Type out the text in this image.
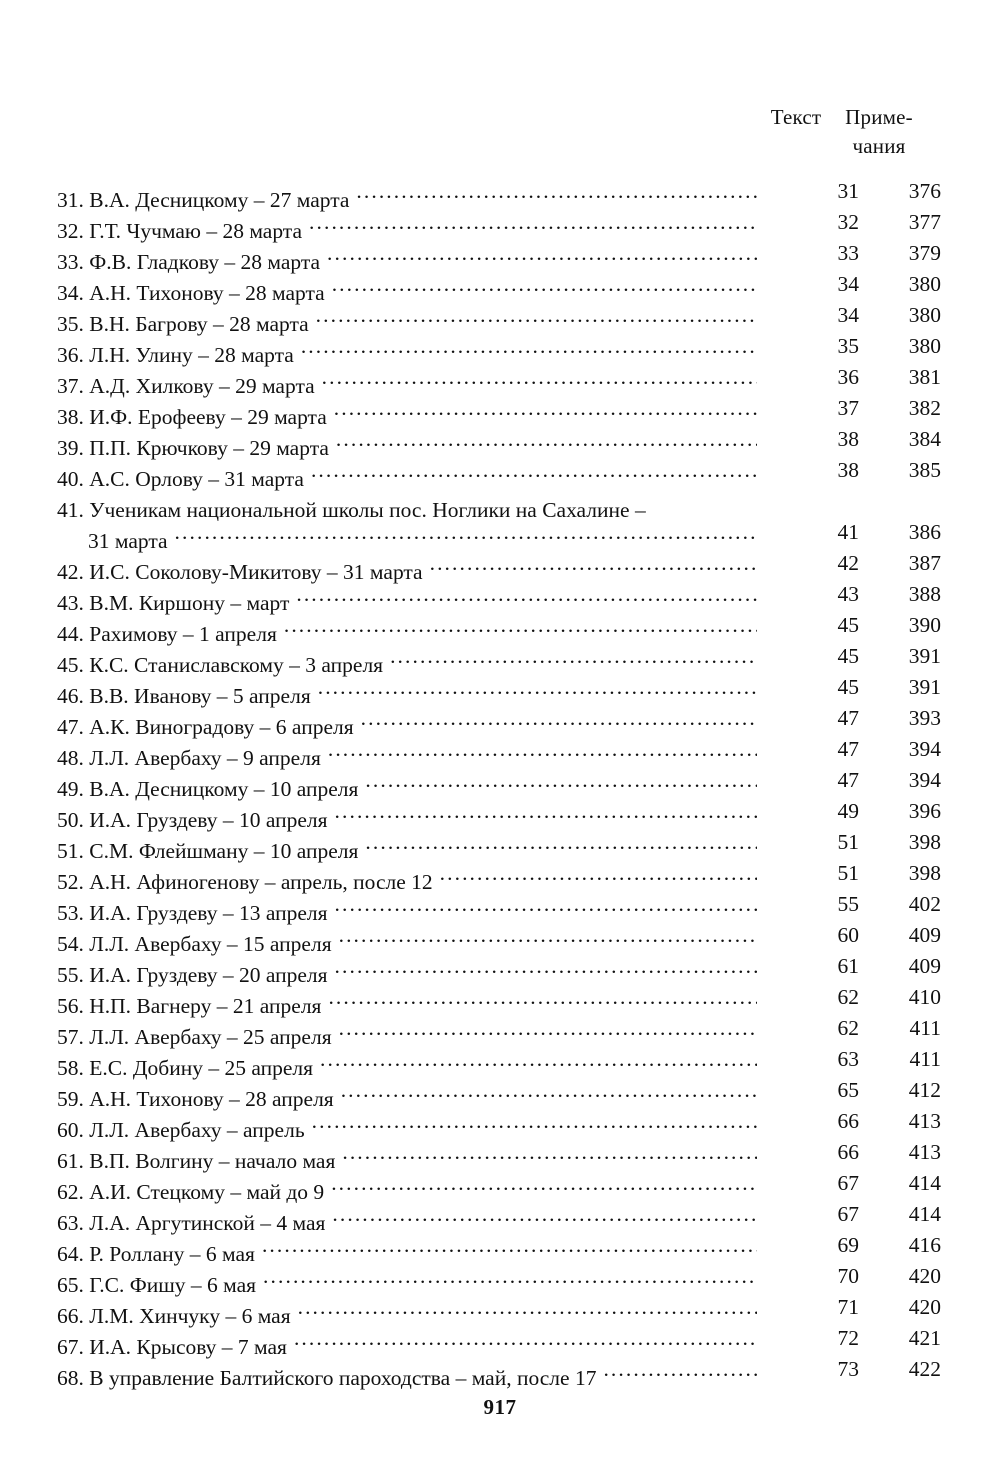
Текст	Приме-
чания
31. В.А. Десницкому – 27 марта .....	31	376
32. Г.Т. Чучмаю – 28 марта .....	32	377
33. Ф.В. Гладкову – 28 марта .....	33	379
34. А.Н. Тихонову – 28 марта .....	34	380
35. В.Н. Багрову – 28 марта .....	34	380
36. Л.Н. Улину – 28 марта .....	35	380
37. А.Д. Хилкову – 29 марта .....	36	381
38. И.Ф. Ерофееву – 29 марта .....	37	382
39. П.П. Крючкову – 29 марта .....	38	384
40. А.С. Орлову – 31 марта .....	38	385
41. Ученикам национальной школы пос. Ноглики на Сахалине –
31 марта .....	41	386
42. И.С. Соколову-Микитову – 31 марта .....	42	387
43. В.М. Киршону – март .....	43	388
44. Рахимову – 1 апреля .....	45	390
45. К.С. Станиславскому – 3 апреля .....	45	391
46. В.В. Иванову – 5 апреля .....	45	391
47. А.К. Виноградову – 6 апреля .....	47	393
48. Л.Л. Авербаху – 9 апреля .....	47	394
49. В.А. Десницкому – 10 апреля .....	47	394
50. И.А. Груздеву – 10 апреля .....	49	396
51. С.М. Флейшману – 10 апреля .....	51	398
52. А.Н. Афиногенову – апрель, после 12 .....	51	398
53. И.А. Груздеву – 13 апреля .....	55	402
54. Л.Л. Авербаху – 15 апреля .....	60	409
55. И.А. Груздеву – 20 апреля .....	61	409
56. Н.П. Вагнеру – 21 апреля .....	62	410
57. Л.Л. Авербаху – 25 апреля .....	62	411
58. Е.С. Добину – 25 апреля .....	63	411
59. А.Н. Тихонову – 28 апреля .....	65	412
60. Л.Л. Авербаху – апрель .....	66	413
61. В.П. Волгину – начало мая .....	66	413
62. А.И. Стецкому – май до 9 .....	67	414
63. Л.А. Аргутинской – 4 мая .....	67	414
64. Р. Роллану – 6 мая .....	69	416
65. Г.С. Фишу – 6 мая .....	70	420
66. Л.М. Хинчуку – 6 мая .....	71	420
67. И.А. Крысову – 7 мая .....	72	421
68. В управление Балтийского пароходства – май, после 17 .....	73	422
917
